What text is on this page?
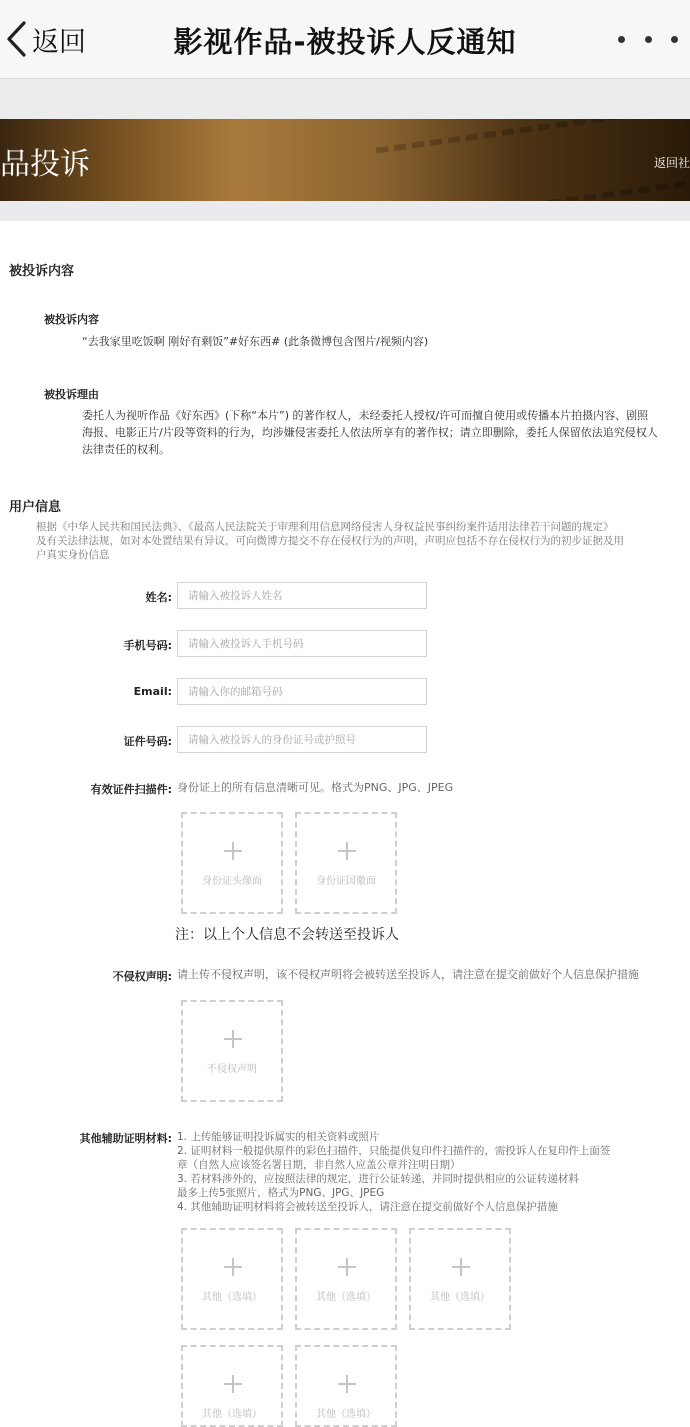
返回	影视作品-被投诉人反通知
品投诉	返回社
被投诉内容
被投诉内容
“去我家里吃饭啊 刚好有剩饭”#好东西# (此条微博包含图片/视频内容)
被投诉理由
委托人为视听作品《好东西》(下称“本片”) 的著作权人，未经委托人授权/许可而擅自使用或传播本片拍摄内容、剧照
海报、电影正片/片段等资料的行为，均涉嫌侵害委托人依法所享有的著作权；请立即删除，委托人保留依法追究侵权人
法律责任的权利。
用户信息
根据《中华人民共和国民法典》、《最高人民法院关于审理利用信息网络侵害人身权益民事纠纷案件适用法律若干问题的规定》
及有关法律法规，如对本处置结果有异议，可向微博方提交不存在侵权行为的声明，声明应包括不存在侵权行为的初步证据及用
户真实身份信息
姓名:
请输入被投诉人姓名
手机号码:
请输入被投诉人手机号码
Email:
请输入你的邮箱号码
证件号码:
请输入被投诉人的身份证号或护照号
有效证件扫描件: 身份证上的所有信息清晰可见。格式为PNG、JPG、JPEG
身份证头像面	身份证国徽面
注：以上个人信息不会转送至投诉人
不侵权声明: 请上传不侵权声明，该不侵权声明将会被转送至投诉人，请注意在提交前做好个人信息保护措施
不侵权声明
其他辅助证明材料: 1. 上传能够证明投诉属实的相关资料或照片
2. 证明材料一般提供原件的彩色扫描件，只能提供复印件扫描件的，需投诉人在复印件上面签
章（自然人应该签名署日期，非自然人应盖公章并注明日期）
3. 若材料涉外的，应按照法律的规定，进行公证转递，并同时提供相应的公证转递材料
最多上传5张照片，格式为PNG、JPG、JPEG
4. 其他辅助证明材料将会被转送至投诉人，请注意在提交前做好个人信息保护措施
其他（选填）	其他（选填）	其他（选填）
其他（选填）	其他（选填）
